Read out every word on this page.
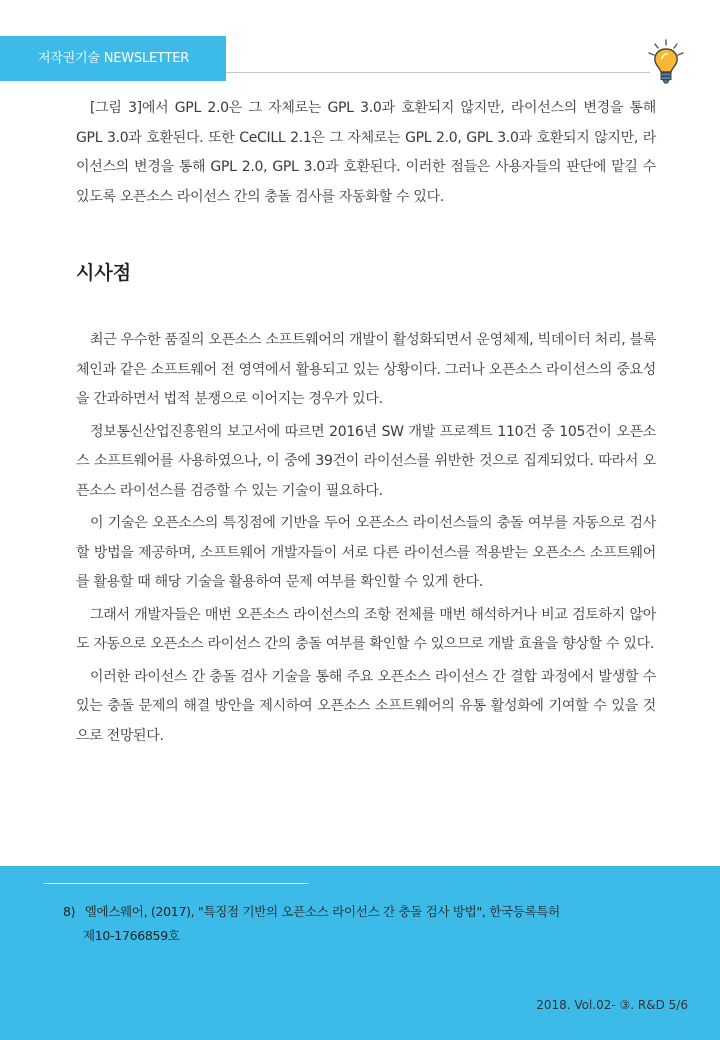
저작권기술 NEWSLETTER

[그림 3]에서 GPL 2.0은 그 자체로는 GPL 3.0과 호환되지 않지만, 라이선스의 변경을 통해 GPL 3.0과 호환된다. 또한 CeCILL 2.1은 그 자체로는 GPL 2.0, GPL 3.0과 호환되지 않지만, 라이선스의 변경을 통해 GPL 2.0, GPL 3.0과 호환된다. 이러한 점들은 사용자들의 판단에 맡길 수 있도록 오픈소스 라이선스 간의 충돌 검사를 자동화할 수 있다.

시사점

최근 우수한 품질의 오픈소스 소프트웨어의 개발이 활성화되면서 운영체제, 빅데이터 처리, 블록체인과 같은 소프트웨어 전 영역에서 활용되고 있는 상황이다. 그러나 오픈소스 라이선스의 중요성을 간과하면서 법적 분쟁으로 이어지는 경우가 있다.

정보통신산업진흥원의 보고서에 따르면 2016년 SW 개발 프로젝트 110건 중 105건이 오픈소스 소프트웨어를 사용하였으나, 이 중에 39건이 라이선스를 위반한 것으로 집계되었다. 따라서 오픈소스 라이선스를 검증할 수 있는 기술이 필요하다.

이 기술은 오픈소스의 특징점에 기반을 두어 오픈소스 라이선스들의 충돌 여부를 자동으로 검사할 방법을 제공하며, 소프트웨어 개발자들이 서로 다른 라이선스를 적용받는 오픈소스 소프트웨어를 활용할 때 해당 기술을 활용하여 문제 여부를 확인할 수 있게 한다.

그래서 개발자들은 매번 오픈소스 라이선스의 조항 전체를 매번 해석하거나 비교 검토하지 않아도 자동으로 오픈소스 라이선스 간의 충돌 여부를 확인할 수 있으므로 개발 효율을 향상할 수 있다.

이러한 라이선스 간 충돌 검사 기술을 통해 주요 오픈소스 라이선스 간 결합 과정에서 발생할 수 있는 충돌 문제의 해결 방안을 제시하여 오픈소스 소프트웨어의 유통 활성화에 기여할 수 있을 것으로 전망된다.

8) 엘에스웨어, (2017), "특징점 기반의 오픈소스 라이선스 간 충돌 검사 방법", 한국등록특허
제10-1766859호
2018. Vol.02- ③. R&D 5/6
